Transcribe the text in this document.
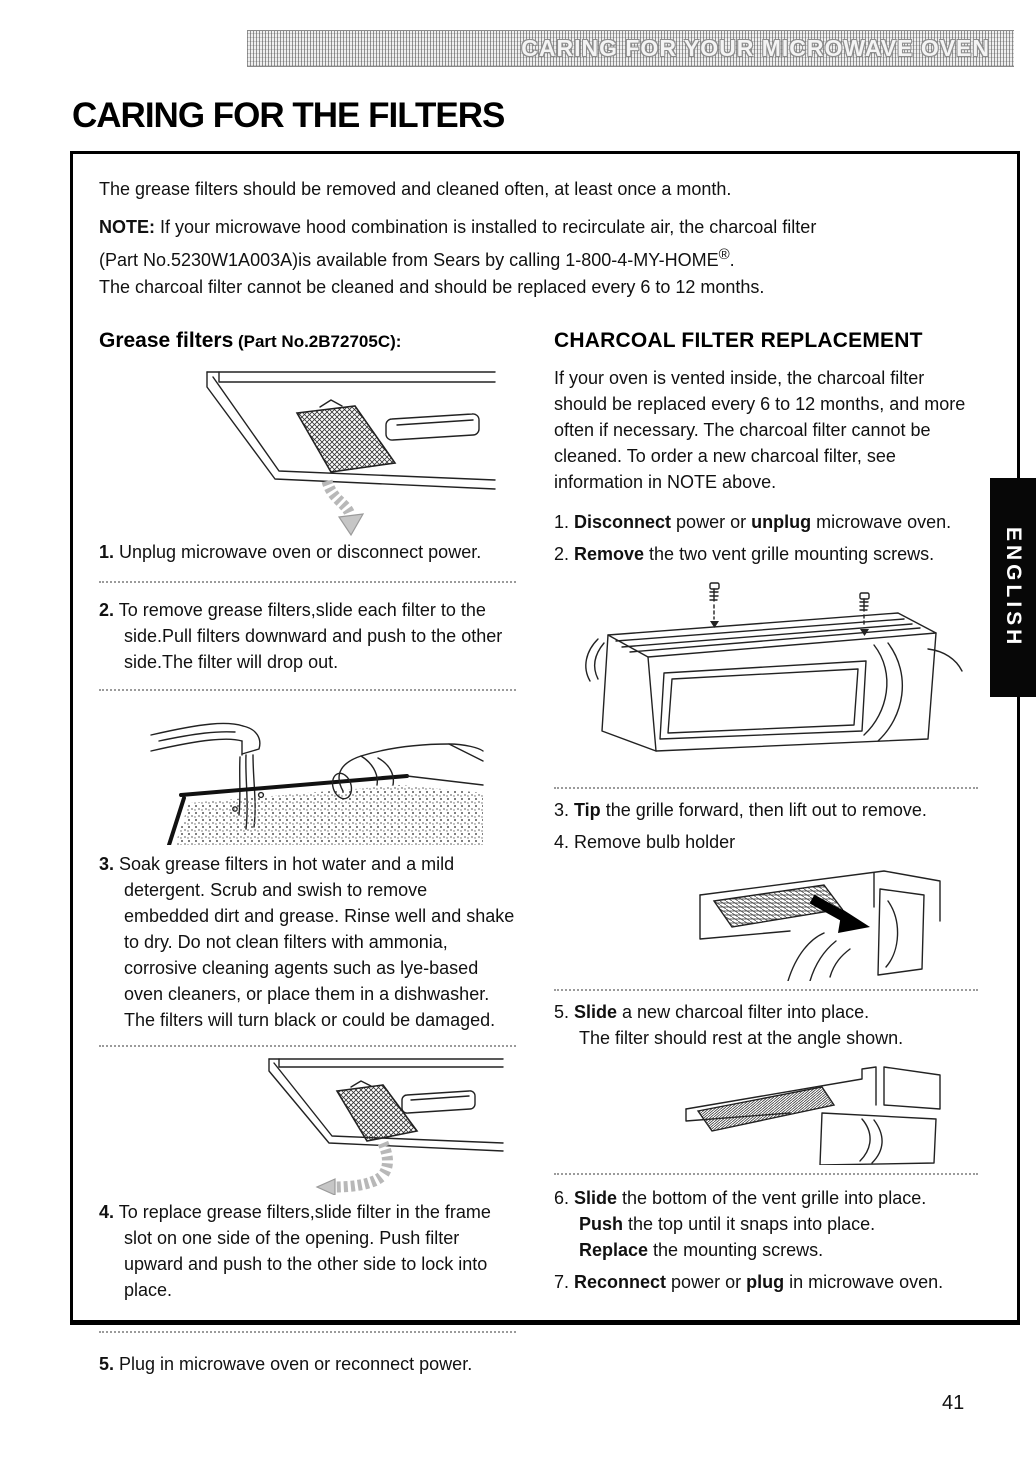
CARING FOR YOUR MICROWAVE OVEN
CARING FOR THE FILTERS

The grease filters should be removed and cleaned often, at least once a month.

NOTE: If your microwave hood combination is installed to recirculate air, the charcoal filter
(Part No.5230W1A003A)is available from Sears by calling 1-800-4-MY-HOME®.
The charcoal filter cannot be cleaned and should be replaced every 6 to 12 months.

Grease filters (Part No.2B72705C):

1. Unplug microwave oven or disconnect power.

2. To remove grease filters,slide each filter to the side.Pull filters downward and push to the other side.The filter will drop out.

3. Soak grease filters in hot water and a mild detergent. Scrub and swish to remove embedded dirt and grease. Rinse well and shake to dry. Do not clean filters with ammonia, corrosive cleaning agents such as lye-based oven cleaners, or place them in a dishwasher. The filters will turn black or could be damaged.

4. To replace grease filters,slide filter in the frame slot on one side of the opening. Push filter upward and push to the other side to lock into place.

5. Plug in microwave oven or reconnect power.

CHARCOAL FILTER REPLACEMENT

If your oven is vented inside, the charcoal filter should be replaced every 6 to 12 months, and more often if necessary. The charcoal filter cannot be cleaned. To order a new charcoal filter, see information in NOTE above.

1. Disconnect power or unplug microwave oven.

2. Remove the two vent grille mounting screws.

3. Tip the grille forward, then lift out to remove.

4. Remove bulb holder

5. Slide a new charcoal filter into place.
The filter should rest at the angle shown.

6. Slide the bottom of the vent grille into place.
Push the top until it snaps into place.
Replace the mounting screws.

7. Reconnect power or plug in microwave oven.

ENGLISH
41
